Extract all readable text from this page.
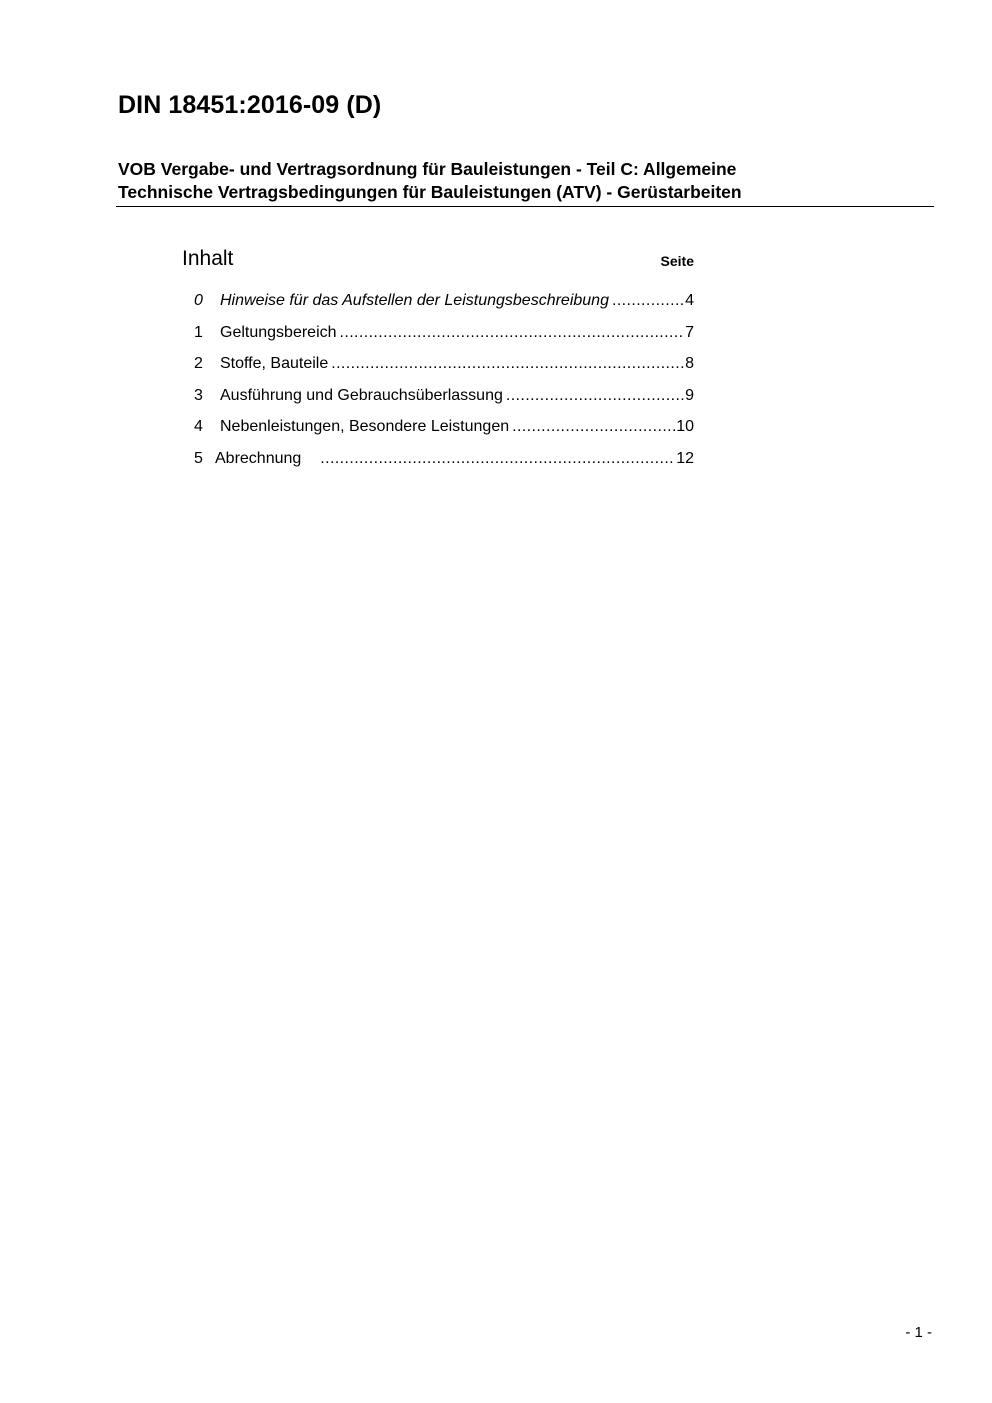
DIN 18451:2016-09 (D)
VOB Vergabe- und Vertragsordnung für Bauleistungen - Teil C: Allgemeine
Technische Vertragsbedingungen für Bauleistungen (ATV) - Gerüstarbeiten
Inhalt	Seite
0	Hinweise für das Aufstellen der Leistungsbeschreibung .....	4
1	Geltungsbereich .....	7
2	Stoffe, Bauteile .....	8
3	Ausführung und Gebrauchsüberlassung .....	9
4	Nebenleistungen, Besondere Leistungen .....	10
5 Abrechnung .....	12
- 1 -
